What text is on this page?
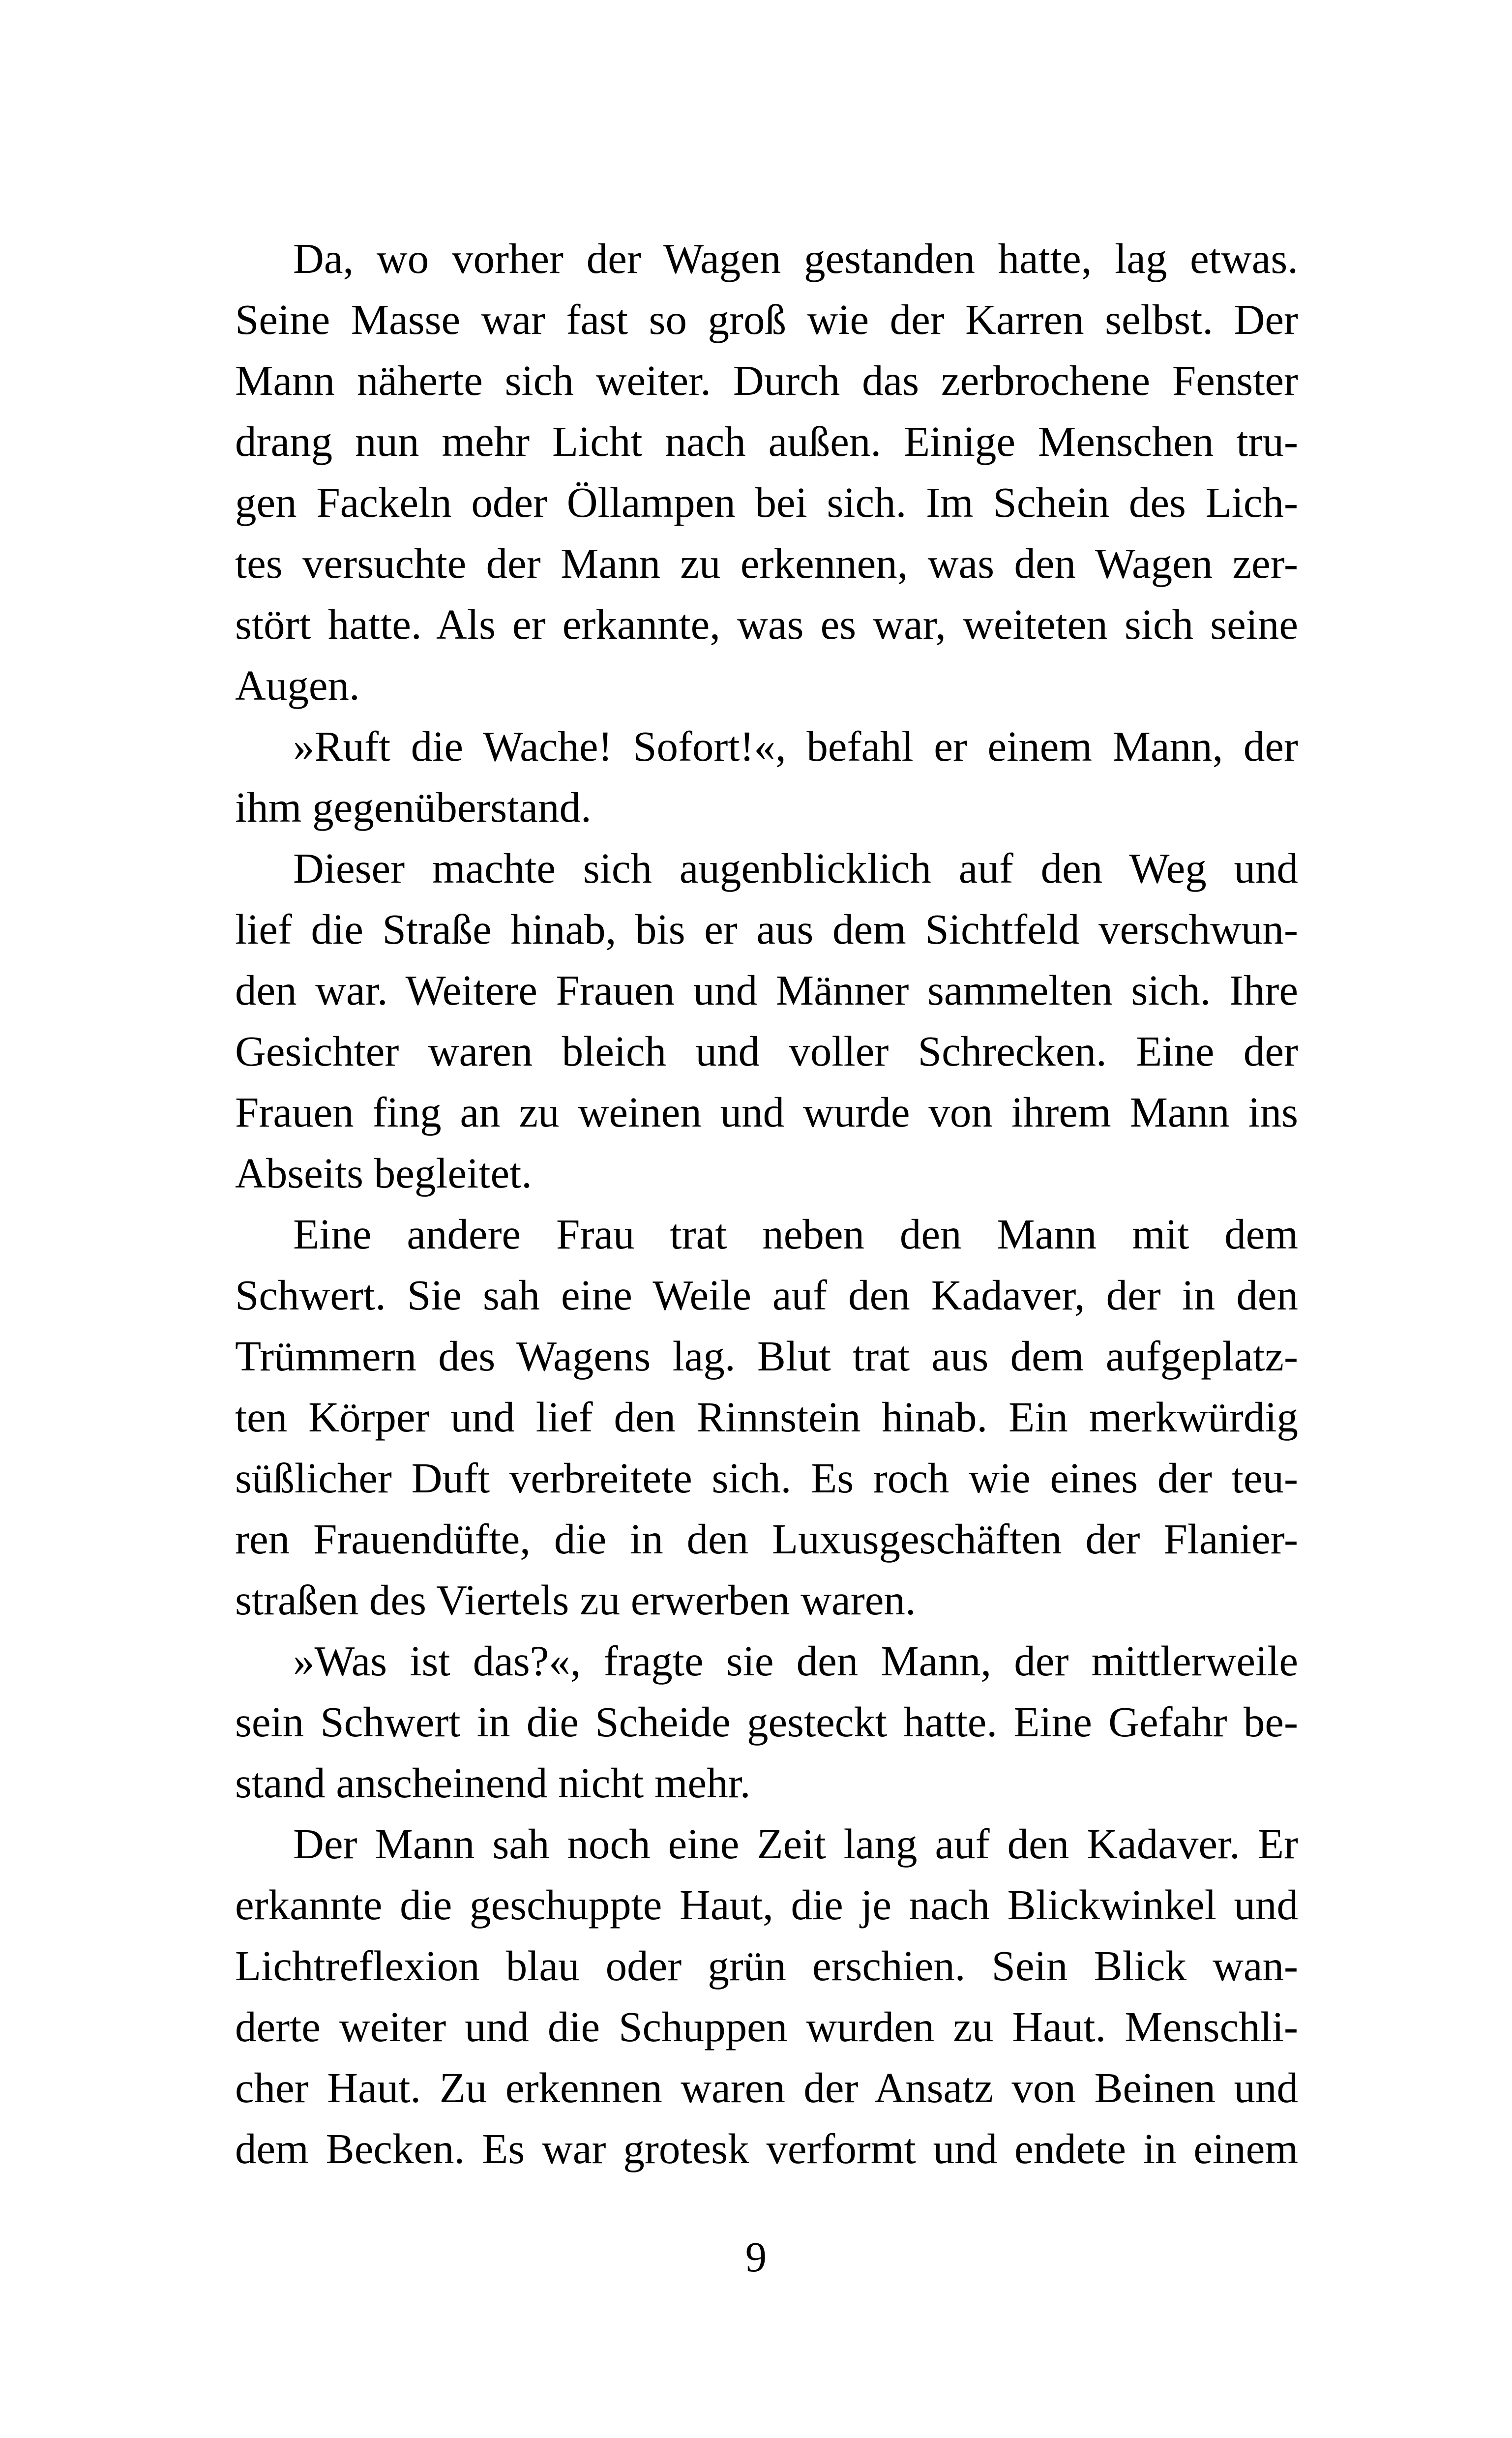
Da, wo vorher der Wagen gestanden hatte, lag etwas.
Seine Masse war fast so groß wie der Karren selbst. Der
Mann näherte sich weiter. Durch das zerbrochene Fenster
drang nun mehr Licht nach außen. Einige Menschen tru-
gen Fackeln oder Öllampen bei sich. Im Schein des Lich-
tes versuchte der Mann zu erkennen, was den Wagen zer-
stört hatte. Als er erkannte, was es war, weiteten sich seine
Augen.
»Ruft die Wache! Sofort!«, befahl er einem Mann, der
ihm gegenüberstand.
Dieser machte sich augenblicklich auf den Weg und
lief die Straße hinab, bis er aus dem Sichtfeld verschwun-
den war. Weitere Frauen und Männer sammelten sich. Ihre
Gesichter waren bleich und voller Schrecken. Eine der
Frauen fing an zu weinen und wurde von ihrem Mann ins
Abseits begleitet.
Eine andere Frau trat neben den Mann mit dem
Schwert. Sie sah eine Weile auf den Kadaver, der in den
Trümmern des Wagens lag. Blut trat aus dem aufgeplatz-
ten Körper und lief den Rinnstein hinab. Ein merkwürdig
süßlicher Duft verbreitete sich. Es roch wie eines der teu-
ren Frauendüfte, die in den Luxusgeschäften der Flanier-
straßen des Viertels zu erwerben waren.
»Was ist das?«, fragte sie den Mann, der mittlerweile
sein Schwert in die Scheide gesteckt hatte. Eine Gefahr be-
stand anscheinend nicht mehr.
Der Mann sah noch eine Zeit lang auf den Kadaver. Er
erkannte die geschuppte Haut, die je nach Blickwinkel und
Lichtreflexion blau oder grün erschien. Sein Blick wan-
derte weiter und die Schuppen wurden zu Haut. Menschli-
cher Haut. Zu erkennen waren der Ansatz von Beinen und
dem Becken. Es war grotesk verformt und endete in einem
9
